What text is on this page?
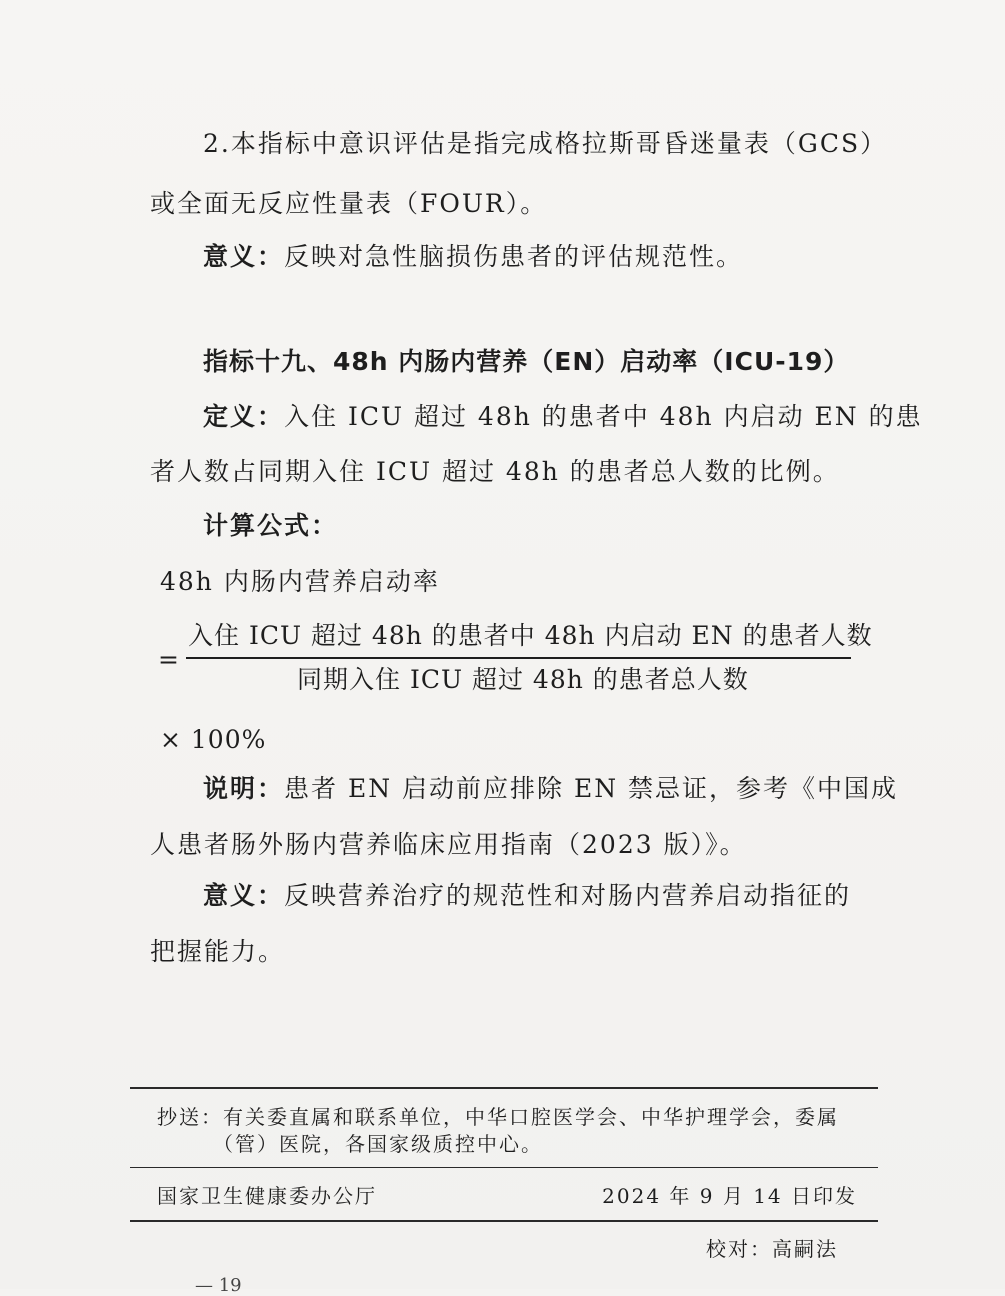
2.本指标中意识评估是指完成格拉斯哥昏迷量表（GCS）
或全面无反应性量表（FOUR）。
意义：反映对急性脑损伤患者的评估规范性。
指标十九、48h 内肠内营养（EN）启动率（ICU-19）
定义：入住 ICU 超过 48h 的患者中 48h 内启动 EN 的患
者人数占同期入住 ICU 超过 48h 的患者总人数的比例。
计算公式：
48h 内肠内营养启动率
=
入住 ICU 超过 48h 的患者中 48h 内启动 EN 的患者人数
同期入住 ICU 超过 48h 的患者总人数
× 100%
说明：患者 EN 启动前应排除 EN 禁忌证，参考《中国成
人患者肠外肠内营养临床应用指南（2023 版）》。
意义：反映营养治疗的规范性和对肠内营养启动指征的
把握能力。
抄送：有关委直属和联系单位，中华口腔医学会、中华护理学会，委属
（管）医院，各国家级质控中心。
国家卫生健康委办公厅	2024 年 9 月 14 日印发
校对：高嗣法
— 19
